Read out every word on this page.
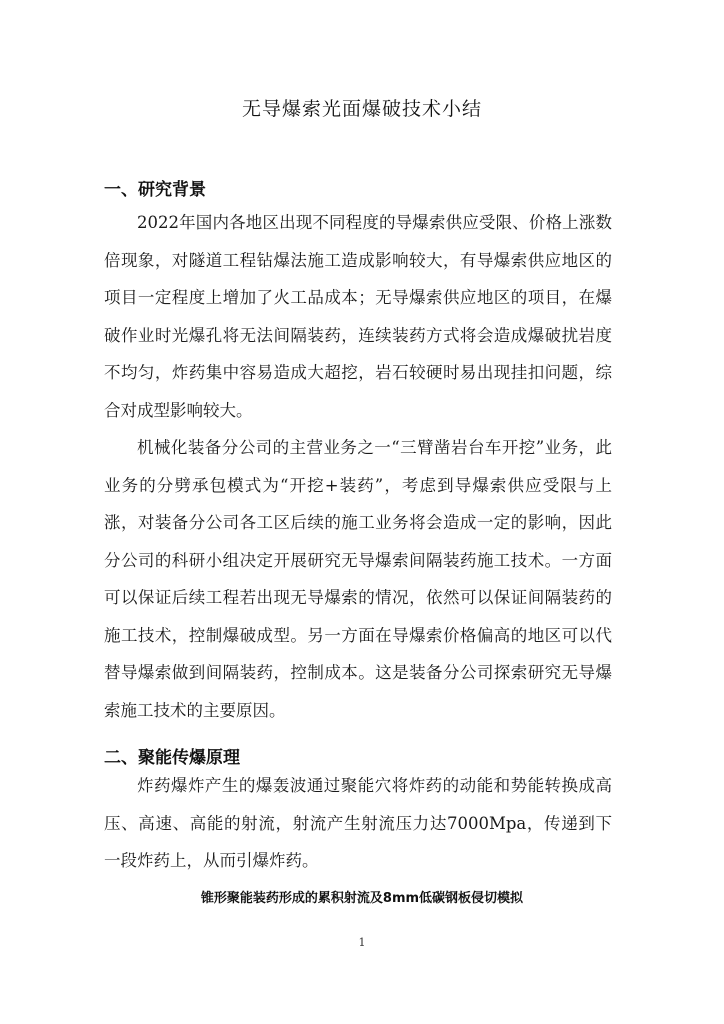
无导爆索光面爆破技术小结
一、研究背景

2022年国内各地区出现不同程度的导爆索供应受限、价格上涨数倍现象，对隧道工程钻爆法施工造成影响较大，有导爆索供应地区的项目一定程度上增加了火工品成本；无导爆索供应地区的项目，在爆破作业时光爆孔将无法间隔装药，连续装药方式将会造成爆破扰岩度不均匀，炸药集中容易造成大超挖，岩石较硬时易出现挂扣问题，综合对成型影响较大。

机械化装备分公司的主营业务之一“三臂凿岩台车开挖”业务，此业务的分劈承包模式为“开挖+装药”，考虑到导爆索供应受限与上涨，对装备分公司各工区后续的施工业务将会造成一定的影响，因此分公司的科研小组决定开展研究无导爆索间隔装药施工技术。一方面可以保证后续工程若出现无导爆索的情况，依然可以保证间隔装药的施工技术，控制爆破成型。另一方面在导爆索价格偏高的地区可以代替导爆索做到间隔装药，控制成本。这是装备分公司探索研究无导爆索施工技术的主要原因。

二、聚能传爆原理

炸药爆炸产生的爆轰波通过聚能穴将炸药的动能和势能转换成高压、高速、高能的射流，射流产生射流压力达7000Mpa，传递到下一段炸药上，从而引爆炸药。

锥形聚能装药形成的累积射流及8mm低碳钢板侵切模拟

1
